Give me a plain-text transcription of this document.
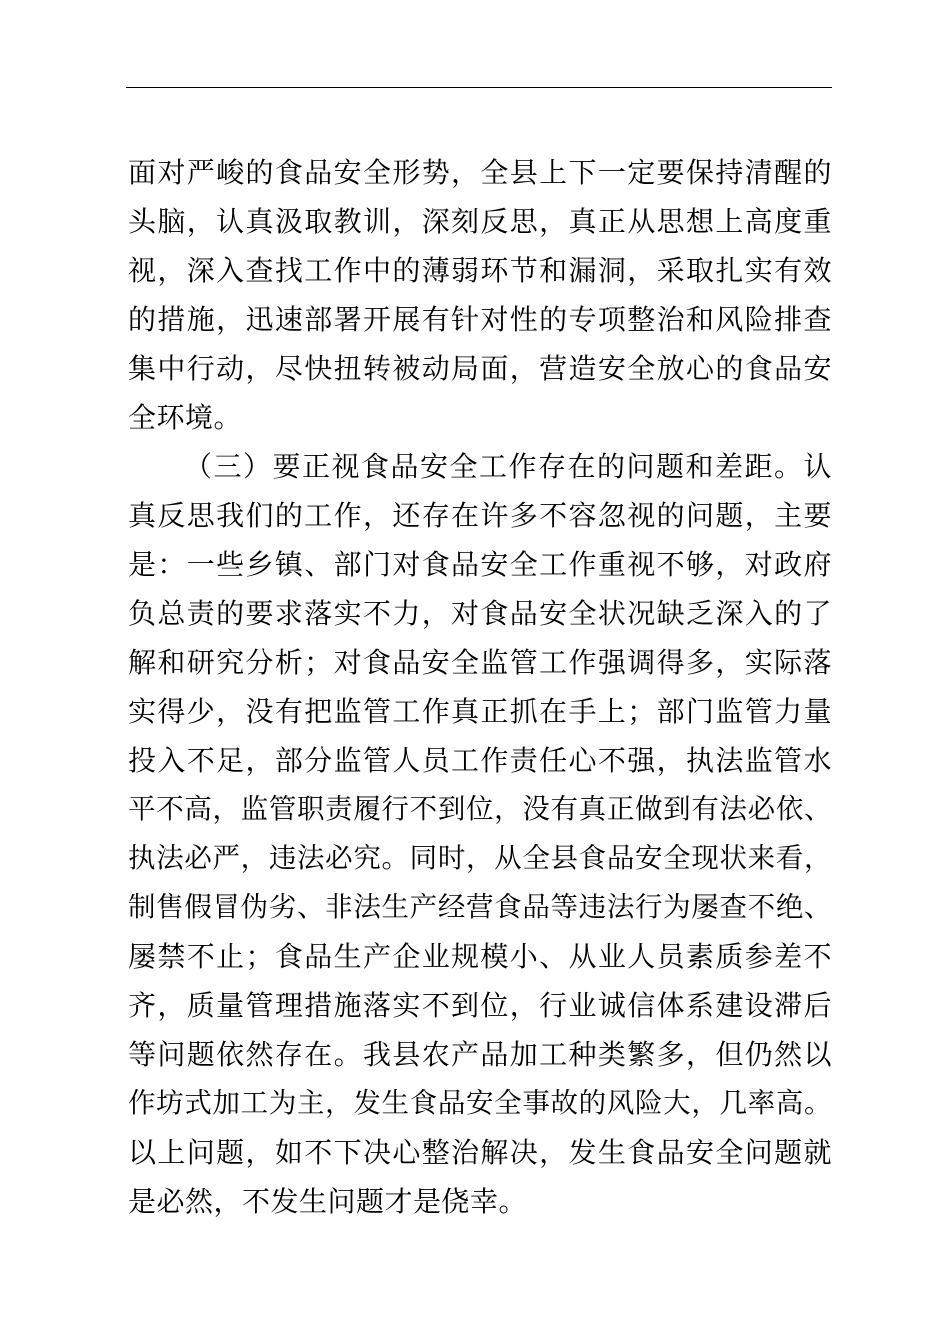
面对严峻的食品安全形势，全县上下一定要保持清醒的
头脑，认真汲取教训，深刻反思，真正从思想上高度重
视，深入查找工作中的薄弱环节和漏洞，采取扎实有效
的措施，迅速部署开展有针对性的专项整治和风险排查
集中行动，尽快扭转被动局面，营造安全放心的食品安
全环境。
（三）要正视食品安全工作存在的问题和差距。认
真反思我们的工作，还存在许多不容忽视的问题，主要
是：一些乡镇、部门对食品安全工作重视不够，对政府
负总责的要求落实不力，对食品安全状况缺乏深入的了
解和研究分析；对食品安全监管工作强调得多，实际落
实得少，没有把监管工作真正抓在手上；部门监管力量
投入不足，部分监管人员工作责任心不强，执法监管水
平不高，监管职责履行不到位，没有真正做到有法必依、
执法必严，违法必究。同时，从全县食品安全现状来看，
制售假冒伪劣、非法生产经营食品等违法行为屡查不绝、
屡禁不止；食品生产企业规模小、从业人员素质参差不
齐，质量管理措施落实不到位，行业诚信体系建设滞后
等问题依然存在。我县农产品加工种类繁多，但仍然以
作坊式加工为主，发生食品安全事故的风险大，几率高。
以上问题，如不下决心整治解决，发生食品安全问题就
是必然，不发生问题才是侥幸。
